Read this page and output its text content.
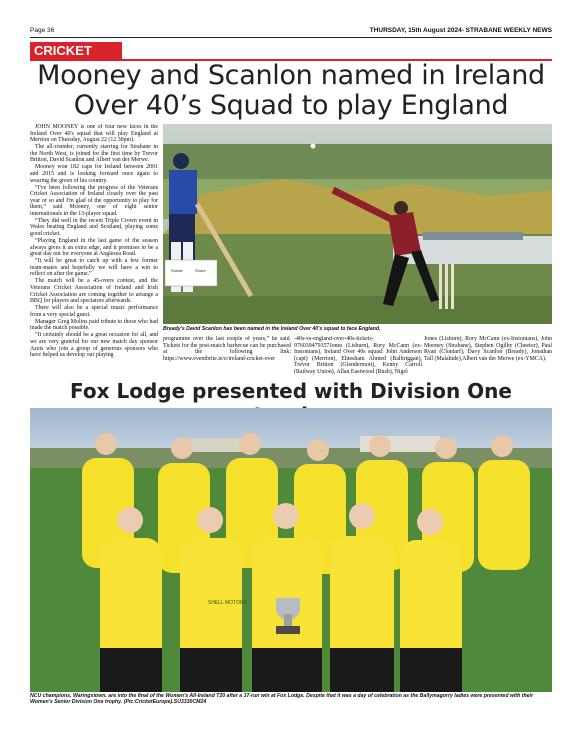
Page 36	THURSDAY, 15th August 2024- STRABANE WEEKLY NEWS
CRICKET
Mooney and Scanlon named in Ireland
Over 40’s Squad to play England

JOHN MOONEY is one of four new faces in the Ireland Over 40's squad that will play England at Merrion on Thursday, August 22 (12.30pm).

The all-rounder, currently starring for Strabane in the North West, is joined for the first time by Trevor Britton, David Scanlon and Albert van der Merwe.

Mooney won 182 caps for Ireland between 2001 and 2015 and is looking forward once again to wearing the green of his country.

“I've been following the progress of the Veterans Cricket Association of Ireland closely over the past year or so and I'm glad of the opportunity to play for them,” said Mooney, one of eight senior internationals in the 13-player squad.

“They did well in the recent Triple Crown event in Wales beating England and Scotland, playing some good cricket.

“Playing England in the last game of the season always gives it an extra edge, and it promises to be a great day out for everyone at Anglesea Road.

“It will be great to catch up with a few former team-mates and hopefully we will have a win to reflect on after the game.”

The match will be a 45-overs contest, and the Veterans Cricket Association of Ireland and Irish Cricket Association are coming together to arrange a BBQ for players and spectators afterwards.

There will also be a special music performance from a very special guest.

Manager Greg Molins paid tribute to those who had made the match possible.

“It certainly should be a great occasion for all, and we are very grateful for our new match day sponsor Azets who join a group of generous sponsors who have helped us develop our playing

Rotate	Share
Bready's David Scanlon has been named in the Ireland Over 40's squad to face England.
programme over the last couple of years,” he said. Tickets for the post-match barbecue can be purchased at the following link: https://www.eventbrite.ie/e/ireland-cricket-over
-40s-vs-england-over-40s-tickets-976039479357Jones (Lisburn), Rory McCann (ex-Instonians), Ireland Over 40s squad: John Anderson (capt) (Merrion), Ehtesham Ahmed (Balbriggan), Trevor Britton (Glendermott), Kenny Carroll (Railway Union), Allan Eastwood (Rush), Nigel
Jones (Lisburn), Rory McCann (ex-Instonians), John Mooney (Strabane), Stephen Ogilby (Cheetor), Paul Ryan (Clontarf), Davy Scanlon (Bready), Jonathan Tall (Malahide),Albert van der Merwe (ex-YMCA).
Fox Lodge presented with Division One
SHELL MOTORS
NCU champions, Waringstown, are into the final of the Women's All-Ireland T20 after a 37-run win at Fox Lodge. Despite that it was a day of celebration as the Ballymagorry ladies were presented with their Women's Senior Division One trophy. (Pic:CricketEurope).SU3330CM24
